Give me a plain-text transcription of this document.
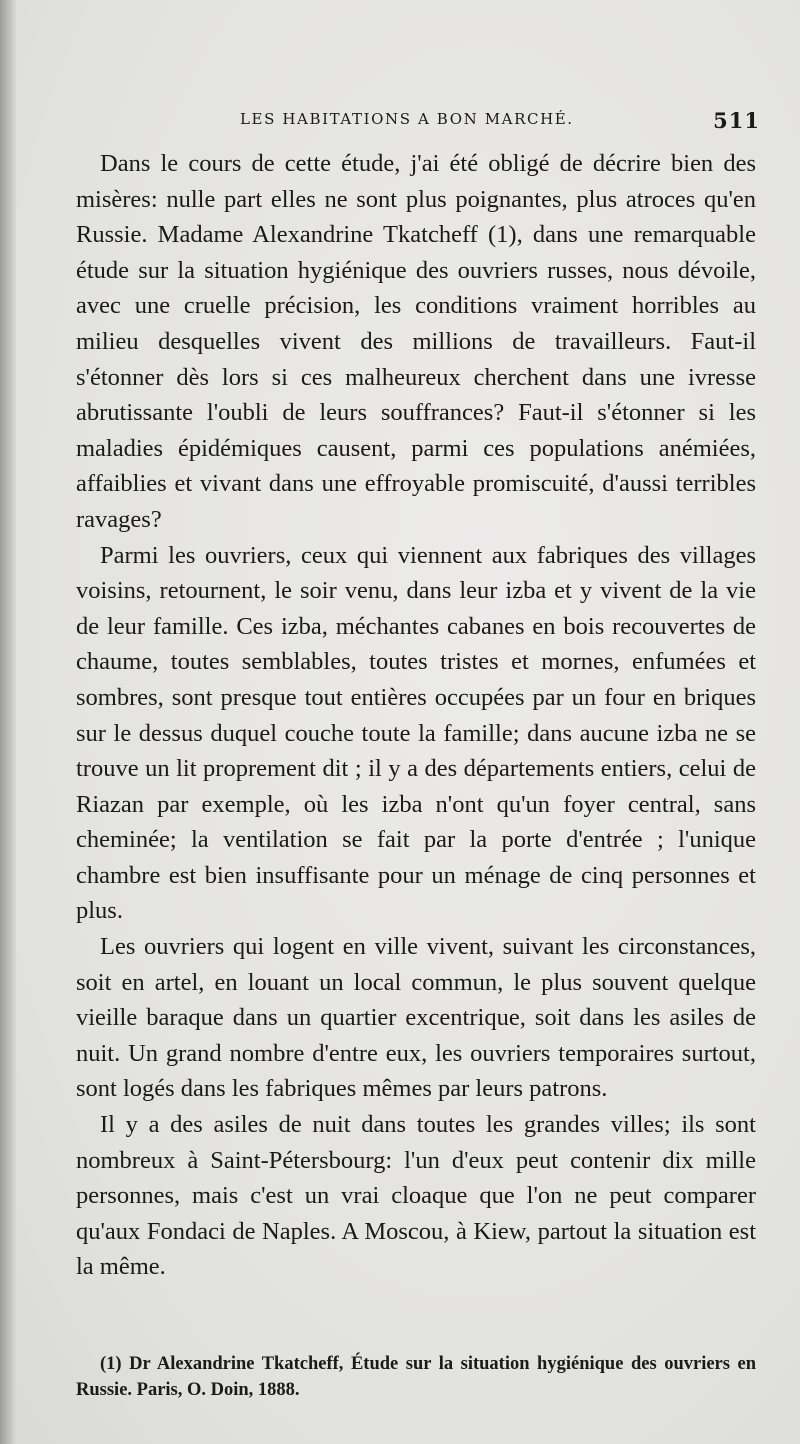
LES HABITATIONS A BON MARCHÉ.	511

Dans le cours de cette étude, j'ai été obligé de décrire bien des misères: nulle part elles ne sont plus poignantes, plus atroces qu'en Russie. Madame Alexandrine Tkatcheff (1), dans une remarquable étude sur la situation hygiénique des ouvriers russes, nous dévoile, avec une cruelle précision, les conditions vraiment horribles au milieu desquelles vivent des millions de travailleurs. Faut-il s'étonner dès lors si ces malheureux cherchent dans une ivresse abrutissante l'oubli de leurs souffrances? Faut-il s'étonner si les maladies épidémiques causent, parmi ces populations anémiées, affaiblies et vivant dans une effroyable promiscuité, d'aussi terribles ravages?

Parmi les ouvriers, ceux qui viennent aux fabriques des villages voisins, retournent, le soir venu, dans leur izba et y vivent de la vie de leur famille. Ces izba, méchantes cabanes en bois recouvertes de chaume, toutes semblables, toutes tristes et mornes, enfumées et sombres, sont presque tout entières occupées par un four en briques sur le dessus duquel couche toute la famille; dans aucune izba ne se trouve un lit proprement dit ; il y a des départements entiers, celui de Riazan par exemple, où les izba n'ont qu'un foyer central, sans cheminée; la ventilation se fait par la porte d'entrée ; l'unique chambre est bien insuffisante pour un ménage de cinq personnes et plus.

Les ouvriers qui logent en ville vivent, suivant les circonstances, soit en artel, en louant un local commun, le plus souvent quelque vieille baraque dans un quartier excentrique, soit dans les asiles de nuit. Un grand nombre d'entre eux, les ouvriers temporaires surtout, sont logés dans les fabriques mêmes par leurs patrons.

Il y a des asiles de nuit dans toutes les grandes villes; ils sont nombreux à Saint-Pétersbourg: l'un d'eux peut contenir dix mille personnes, mais c'est un vrai cloaque que l'on ne peut comparer qu'aux Fondaci de Naples. A Moscou, à Kiew, partout la situation est la même.

(1) Dr Alexandrine Tkatcheff, Étude sur la situation hygiénique des ouvriers en Russie. Paris, O. Doin, 1888.
